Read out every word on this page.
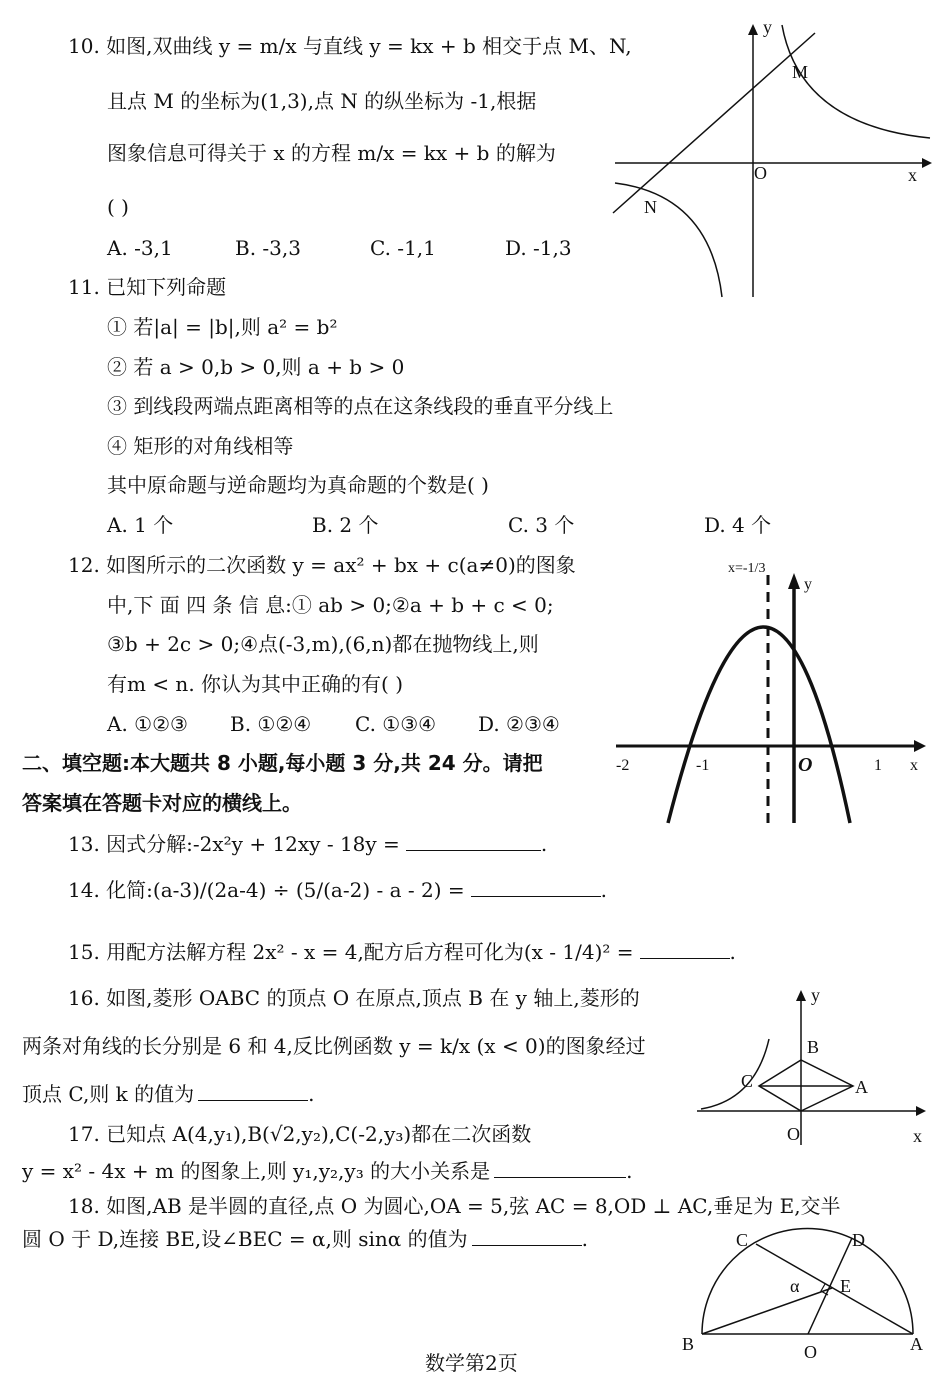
10. 如图,双曲线 y = m/x 与直线 y = kx + b 相交于点 M、N,
且点 M 的坐标为(1,3),点 N 的纵坐标为 -1,根据
图象信息可得关于 x 的方程 m/x = kx + b 的解为
( )
A. -3,1	B. -3,3	C. -1,1	D. -1,3
y
x
O
M
N
11. 已知下列命题
① 若|a| = |b|,则 a² = b²
② 若 a > 0,b > 0,则 a + b > 0
③ 到线段两端点距离相等的点在这条线段的垂直平分线上
④ 矩形的对角线相等
其中原命题与逆命题均为真命题的个数是( )
A. 1 个	B. 2 个	C. 3 个	D. 4 个
12. 如图所示的二次函数 y = ax² + bx + c(a≠0)的图象
中,下 面 四 条 信 息:① ab > 0;②a + b + c < 0;
③b + 2c > 0;④点(-3,m),(6,n)都在抛物线上,则
有m < n. 你认为其中正确的有( )
A. ①②③ B. ①②④ C. ①③④ D. ②③④
x=-1/3
y
x
-2	-1	O	1
二、填空题:本大题共 8 小题,每小题 3 分,共 24 分。请把
答案填在答题卡对应的横线上。
13. 因式分解:-2x²y + 12xy - 18y =	.
14. 化简:(a-3)/(2a-4) ÷ (5/(a-2) - a - 2) =	.
15. 用配方法解方程 2x² - x = 4,配方后方程可化为(x - 1/4)² =	.
16. 如图,菱形 OABC 的顶点 O 在原点,顶点 B 在 y 轴上,菱形的
两条对角线的长分别是 6 和 4,反比例函数 y = k/x (x < 0)的图象经过
顶点 C,则 k 的值为	.
y
x
O
A
B
C
17. 已知点 A(4,y₁),B(√2,y₂),C(-2,y₃)都在二次函数
y = x² - 4x + m 的图象上,则 y₁,y₂,y₃ 的大小关系是	.
18. 如图,AB 是半圆的直径,点 O 为圆心,OA = 5,弦 AC = 8,OD ⊥ AC,垂足为 E,交半
圆 O 于 D,连接 BE,设∠BEC = α,则 sinα 的值为	.	C	D
E
α
B	A
O
数学第2页
